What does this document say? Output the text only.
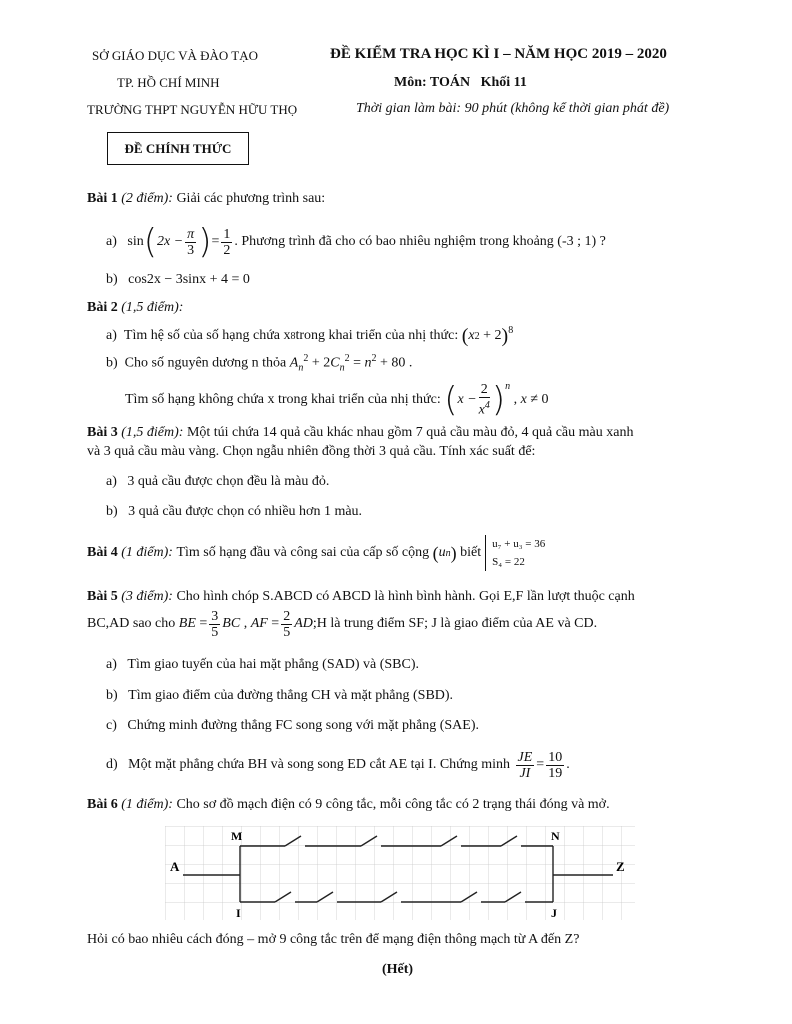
SỞ GIÁO DỤC VÀ ĐÀO TẠO
TP. HỒ CHÍ MINH
TRƯỜNG THPT NGUYỄN HỮU THỌ
ĐỀ KIỂM TRA HỌC KÌ I – NĂM HỌC 2019 – 2020
Môn: TOÁN   Khối 11
Thời gian làm bài: 90 phút (không kể thời gian phát đề)
ĐỀ CHÍNH THỨC
Bài 1 (2 điểm): Giải các phương trình sau:
a)
sin ( $2x - \frac{\pi}{3}$ ) = $\frac{1}{2}$ . Phương trình đã cho có bao nhiêu nghiệm trong khoảng (-3 ; 1) ?
b) cos2x − 3sinx + 4 = 0
Bài 2 (1,5 điểm):
a)
Tìm hệ số của số hạng chứa x 8 trong khai triển của nhị thức:
( x 2 + 2 )$^8$
b) Cho số nguyên dương n thỏa $A_n^2 + 2C_n^2 = n^2 + 80$ .
Tìm số hạng không chứa x trong khai triển của nhị thức:
( $x - \frac{2}{x^4} )^n$
, x ≠ 0
Bài 3 (1,5 điểm): Một túi chứa 14 quả cầu khác nhau gồm 7 quả cầu màu đỏ, 4 quả cầu màu xanh
và 3 quả cầu màu vàng. Chọn ngẫu nhiên đồng thời 3 quả cầu. Tính xác suất để:
a) 3 quả cầu được chọn đều là màu đỏ.
b) 3 quả cầu được chọn có nhiều hơn 1 màu.
Bài 4
(1 điểm):
Tìm số hạng đầu và công sai của cấp số cộng
( u n )
biết
u₇ + u₃ = 36
S₄ = 22
Bài 5 (3 điểm): Cho hình chóp S.ABCD có ABCD là hình bình hành. Gọi E,F lần lượt thuộc cạnh
BC,AD sao cho
BE = $\frac{3}{5}$ BC , AF = $\frac{2}{5}$ AD ;H là trung điểm SF; J là giao điểm của AE và CD.
a) Tìm giao tuyến của hai mặt phẳng (SAD) và (SBC).
b) Tìm giao điểm của đường thẳng CH và mặt phẳng (SBD).
c) Chứng minh đường thẳng FC song song với mặt phẳng (SAE).
d)
Một mặt phẳng chứa BH và song song ED cắt AE tại I. Chứng minh
$\frac{JE}{JI} = \frac{10}{19}$ .
Bài 6 (1 điểm): Cho sơ đồ mạch điện có 9 công tắc, mỗi công tắc có 2 trạng thái đóng và mở.
A	Z
M	N
I	J
Hỏi có bao nhiêu cách đóng – mở 9 công tắc trên để mạng điện thông mạch từ A đến Z?
(Hết)
